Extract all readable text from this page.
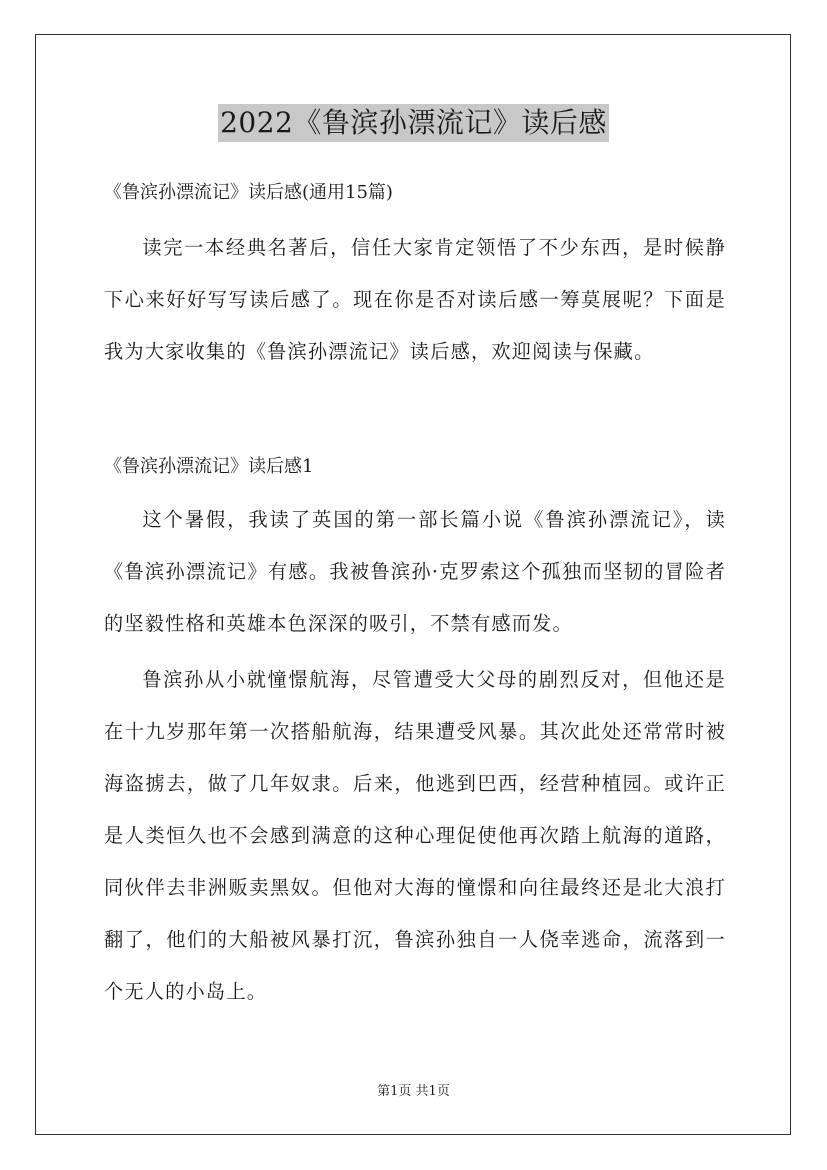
2022《鲁滨孙漂流记》读后感
《鲁滨孙漂流记》读后感(通用15篇)

读完一本经典名著后，信任大家肯定领悟了不少东西，是时候静下心来好好写写读后感了。现在你是否对读后感一筹莫展呢？下面是我为大家收集的《鲁滨孙漂流记》读后感，欢迎阅读与保藏。

《鲁滨孙漂流记》读后感1

这个暑假，我读了英国的第一部长篇小说《鲁滨孙漂流记》，读《鲁滨孙漂流记》有感。我被鲁滨孙·克罗索这个孤独而坚韧的冒险者的坚毅性格和英雄本色深深的吸引，不禁有感而发。

鲁滨孙从小就憧憬航海，尽管遭受大父母的剧烈反对，但他还是在十九岁那年第一次搭船航海，结果遭受风暴。其次此处还常常时被海盗掳去，做了几年奴隶。后来，他逃到巴西，经营种植园。或许正是人类恒久也不会感到满意的这种心理促使他再次踏上航海的道路，同伙伴去非洲贩卖黑奴。但他对大海的憧憬和向往最终还是北大浪打翻了，他们的大船被风暴打沉，鲁滨孙独自一人侥幸逃命，流落到一个无人的小岛上。

第1页 共1页
